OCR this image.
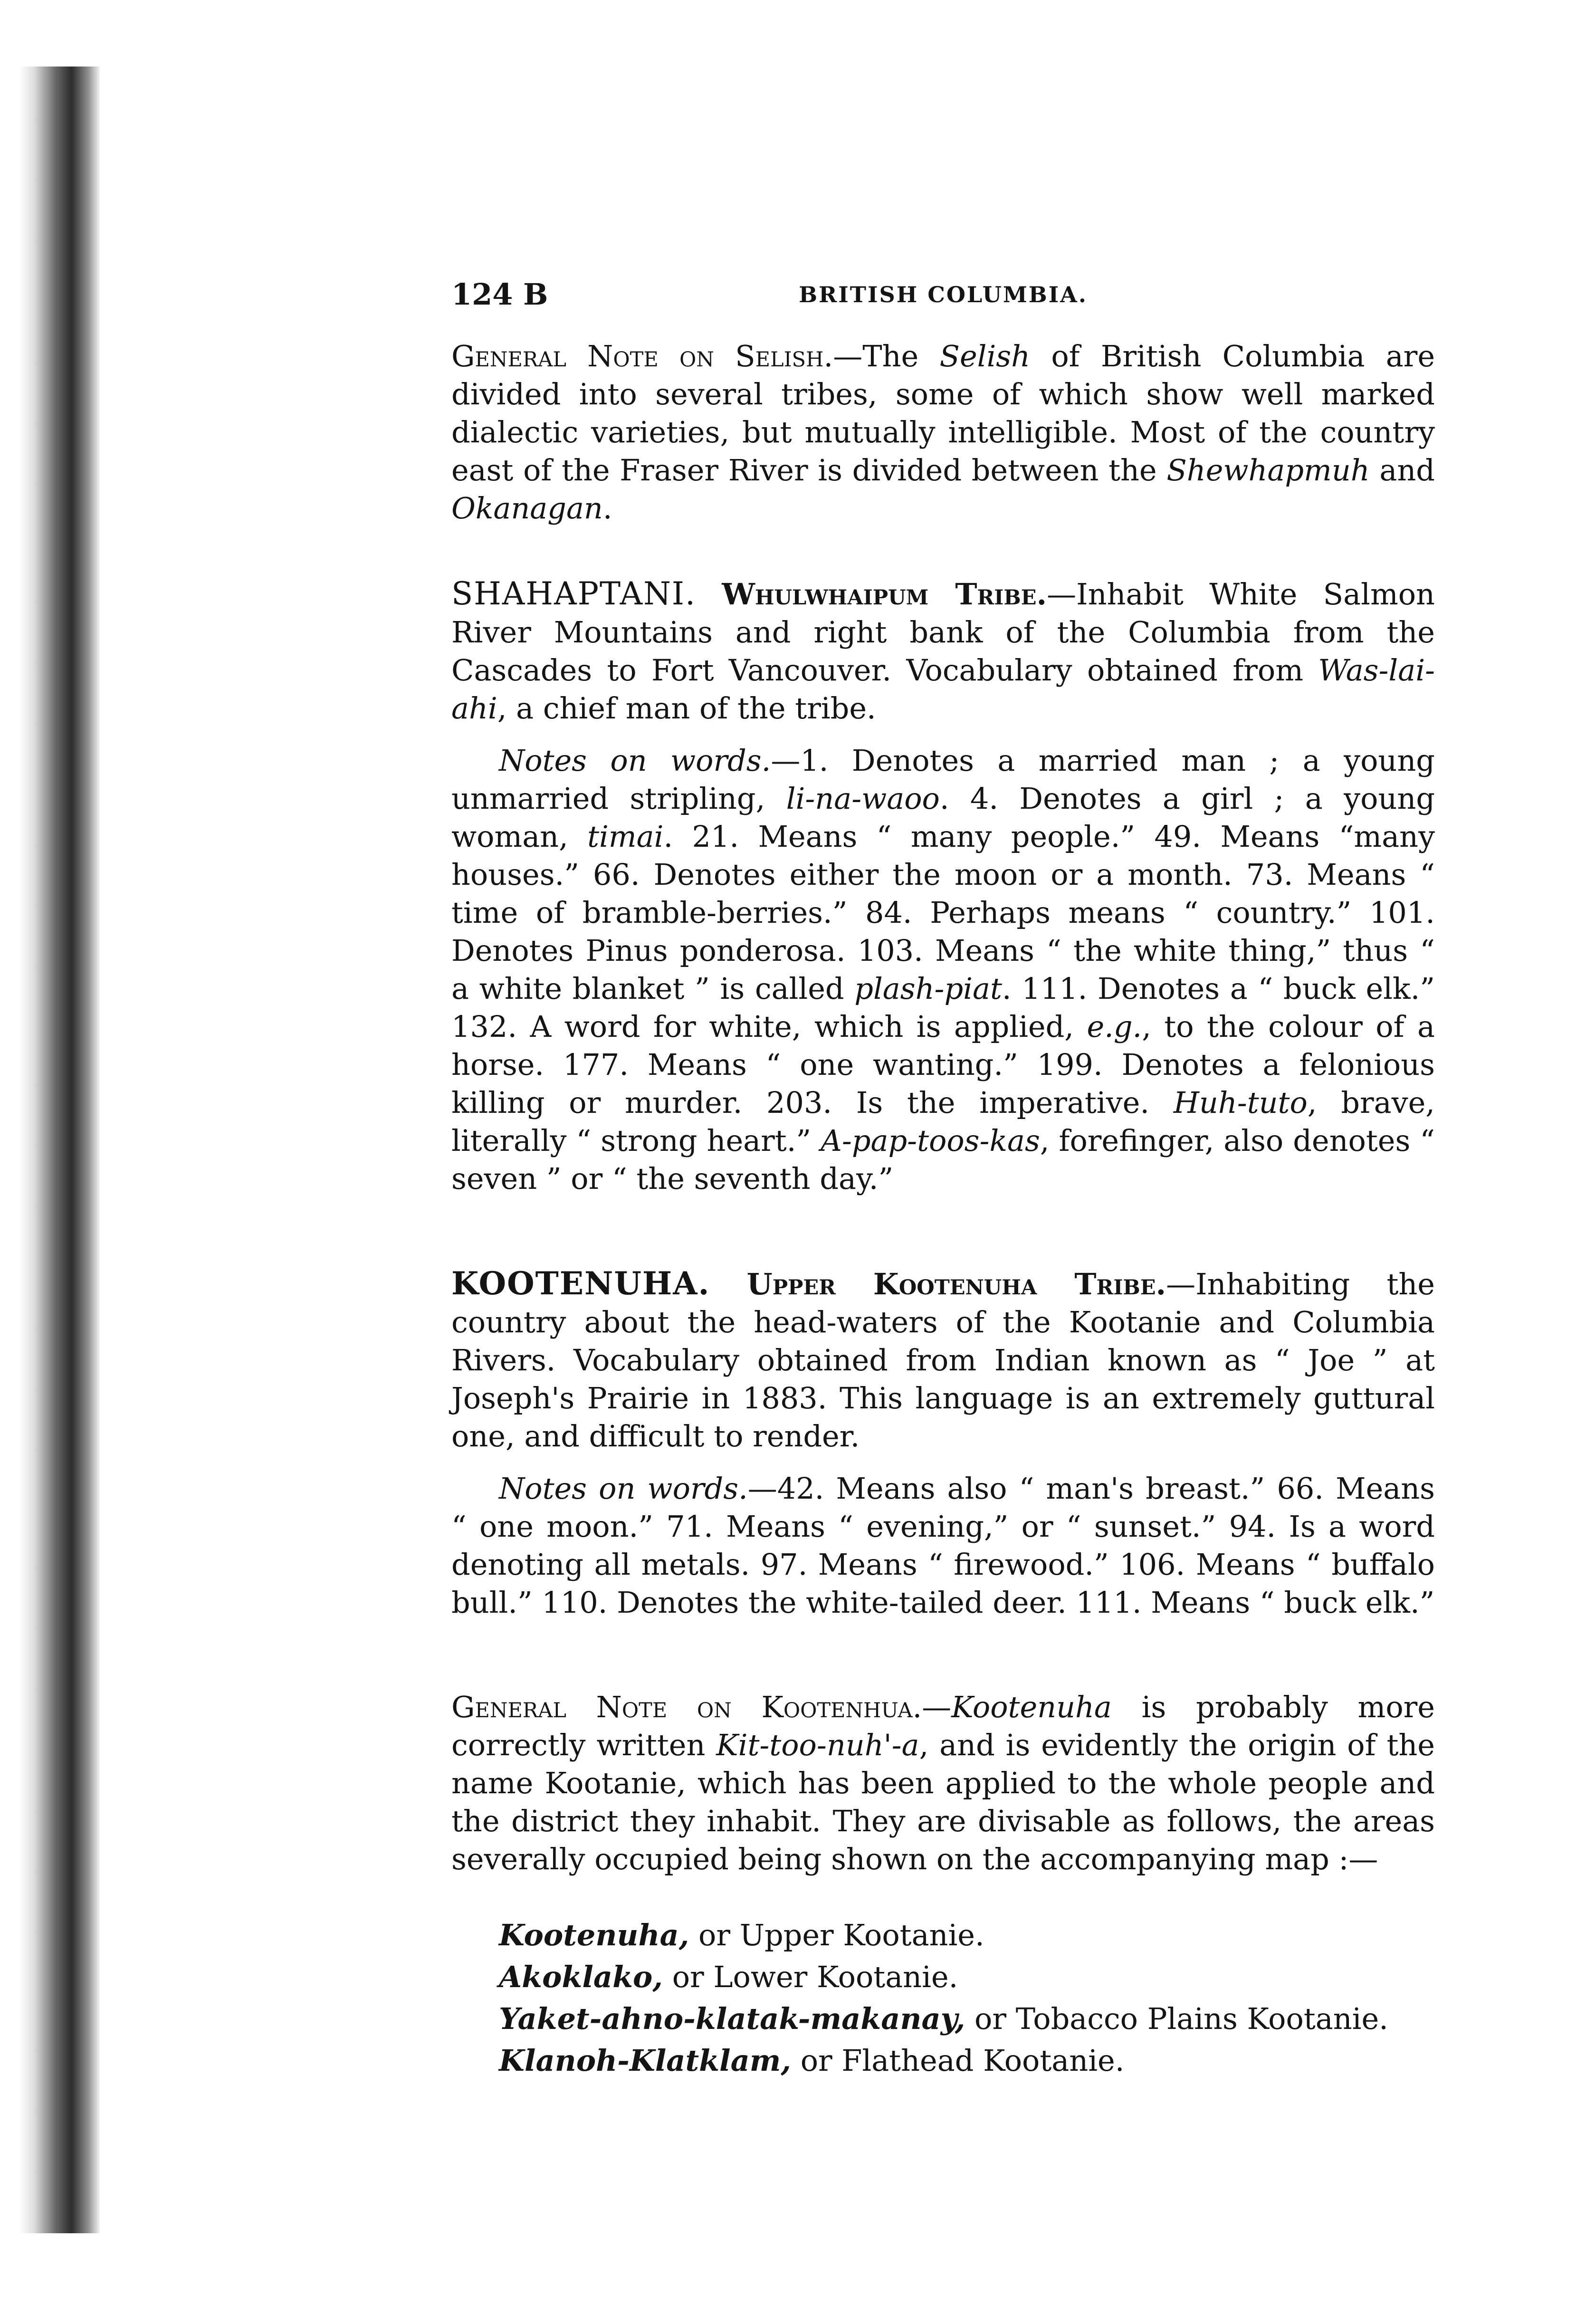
124 B	BRITISH COLUMBIA.

General Note on Selish.—The Selish of British Columbia are divided into several tribes, some of which show well marked dialectic varieties, but mutually intelligible. Most of the country east of the Fraser River is divided between the Shewhapmuh and Okanagan.

SHAHAPTANI. Whulwhaipum Tribe.—Inhabit White Salmon River Mountains and right bank of the Columbia from the Cascades to Fort Vancouver. Vocabulary obtained from Was-lai-ahi, a chief man of the tribe.

Notes on words.—1. Denotes a married man ; a young unmarried stripling, li-na-waoo. 4. Denotes a girl ; a young woman, timai. 21. Means “ many people.” 49. Means “many houses.” 66. Denotes either the moon or a month. 73. Means “ time of bramble-berries.” 84. Perhaps means “ country.” 101. Denotes Pinus ponderosa. 103. Means “ the white thing,” thus “ a white blanket ” is called plash-piat. 111. Denotes a “ buck elk.” 132. A word for white, which is applied, e.g., to the colour of a horse. 177. Means “ one wanting.” 199. Denotes a felonious killing or murder. 203. Is the imperative. Huh-tuto, brave, literally “ strong heart.” A-pap-toos-kas, forefinger, also denotes “ seven ” or “ the seventh day.”

KOOTENUHA. Upper Kootenuha Tribe.—Inhabiting the country about the head-waters of the Kootanie and Columbia Rivers. Vocabulary obtained from Indian known as “ Joe ” at Joseph's Prairie in 1883. This language is an extremely guttural one, and difficult to render.

Notes on words.—42. Means also “ man's breast.” 66. Means “ one moon.” 71. Means “ evening,” or “ sunset.” 94. Is a word denoting all metals. 97. Means “ firewood.” 106. Means “ buffalo bull.” 110. Denotes the white-tailed deer. 111. Means “ buck elk.”

General Note on Kootenhua.—Kootenuha is probably more correctly written Kit-too-nuh'-a, and is evidently the origin of the name Kootanie, which has been applied to the whole people and the district they inhabit. They are divisable as follows, the areas severally occupied being shown on the accompanying map :—

Kootenuha, or Upper Kootanie.
Akoklako, or Lower Kootanie.
Yaket-ahno-klatak-makanay, or Tobacco Plains Kootanie.
Klanoh-Klatklam, or Flathead Kootanie.
